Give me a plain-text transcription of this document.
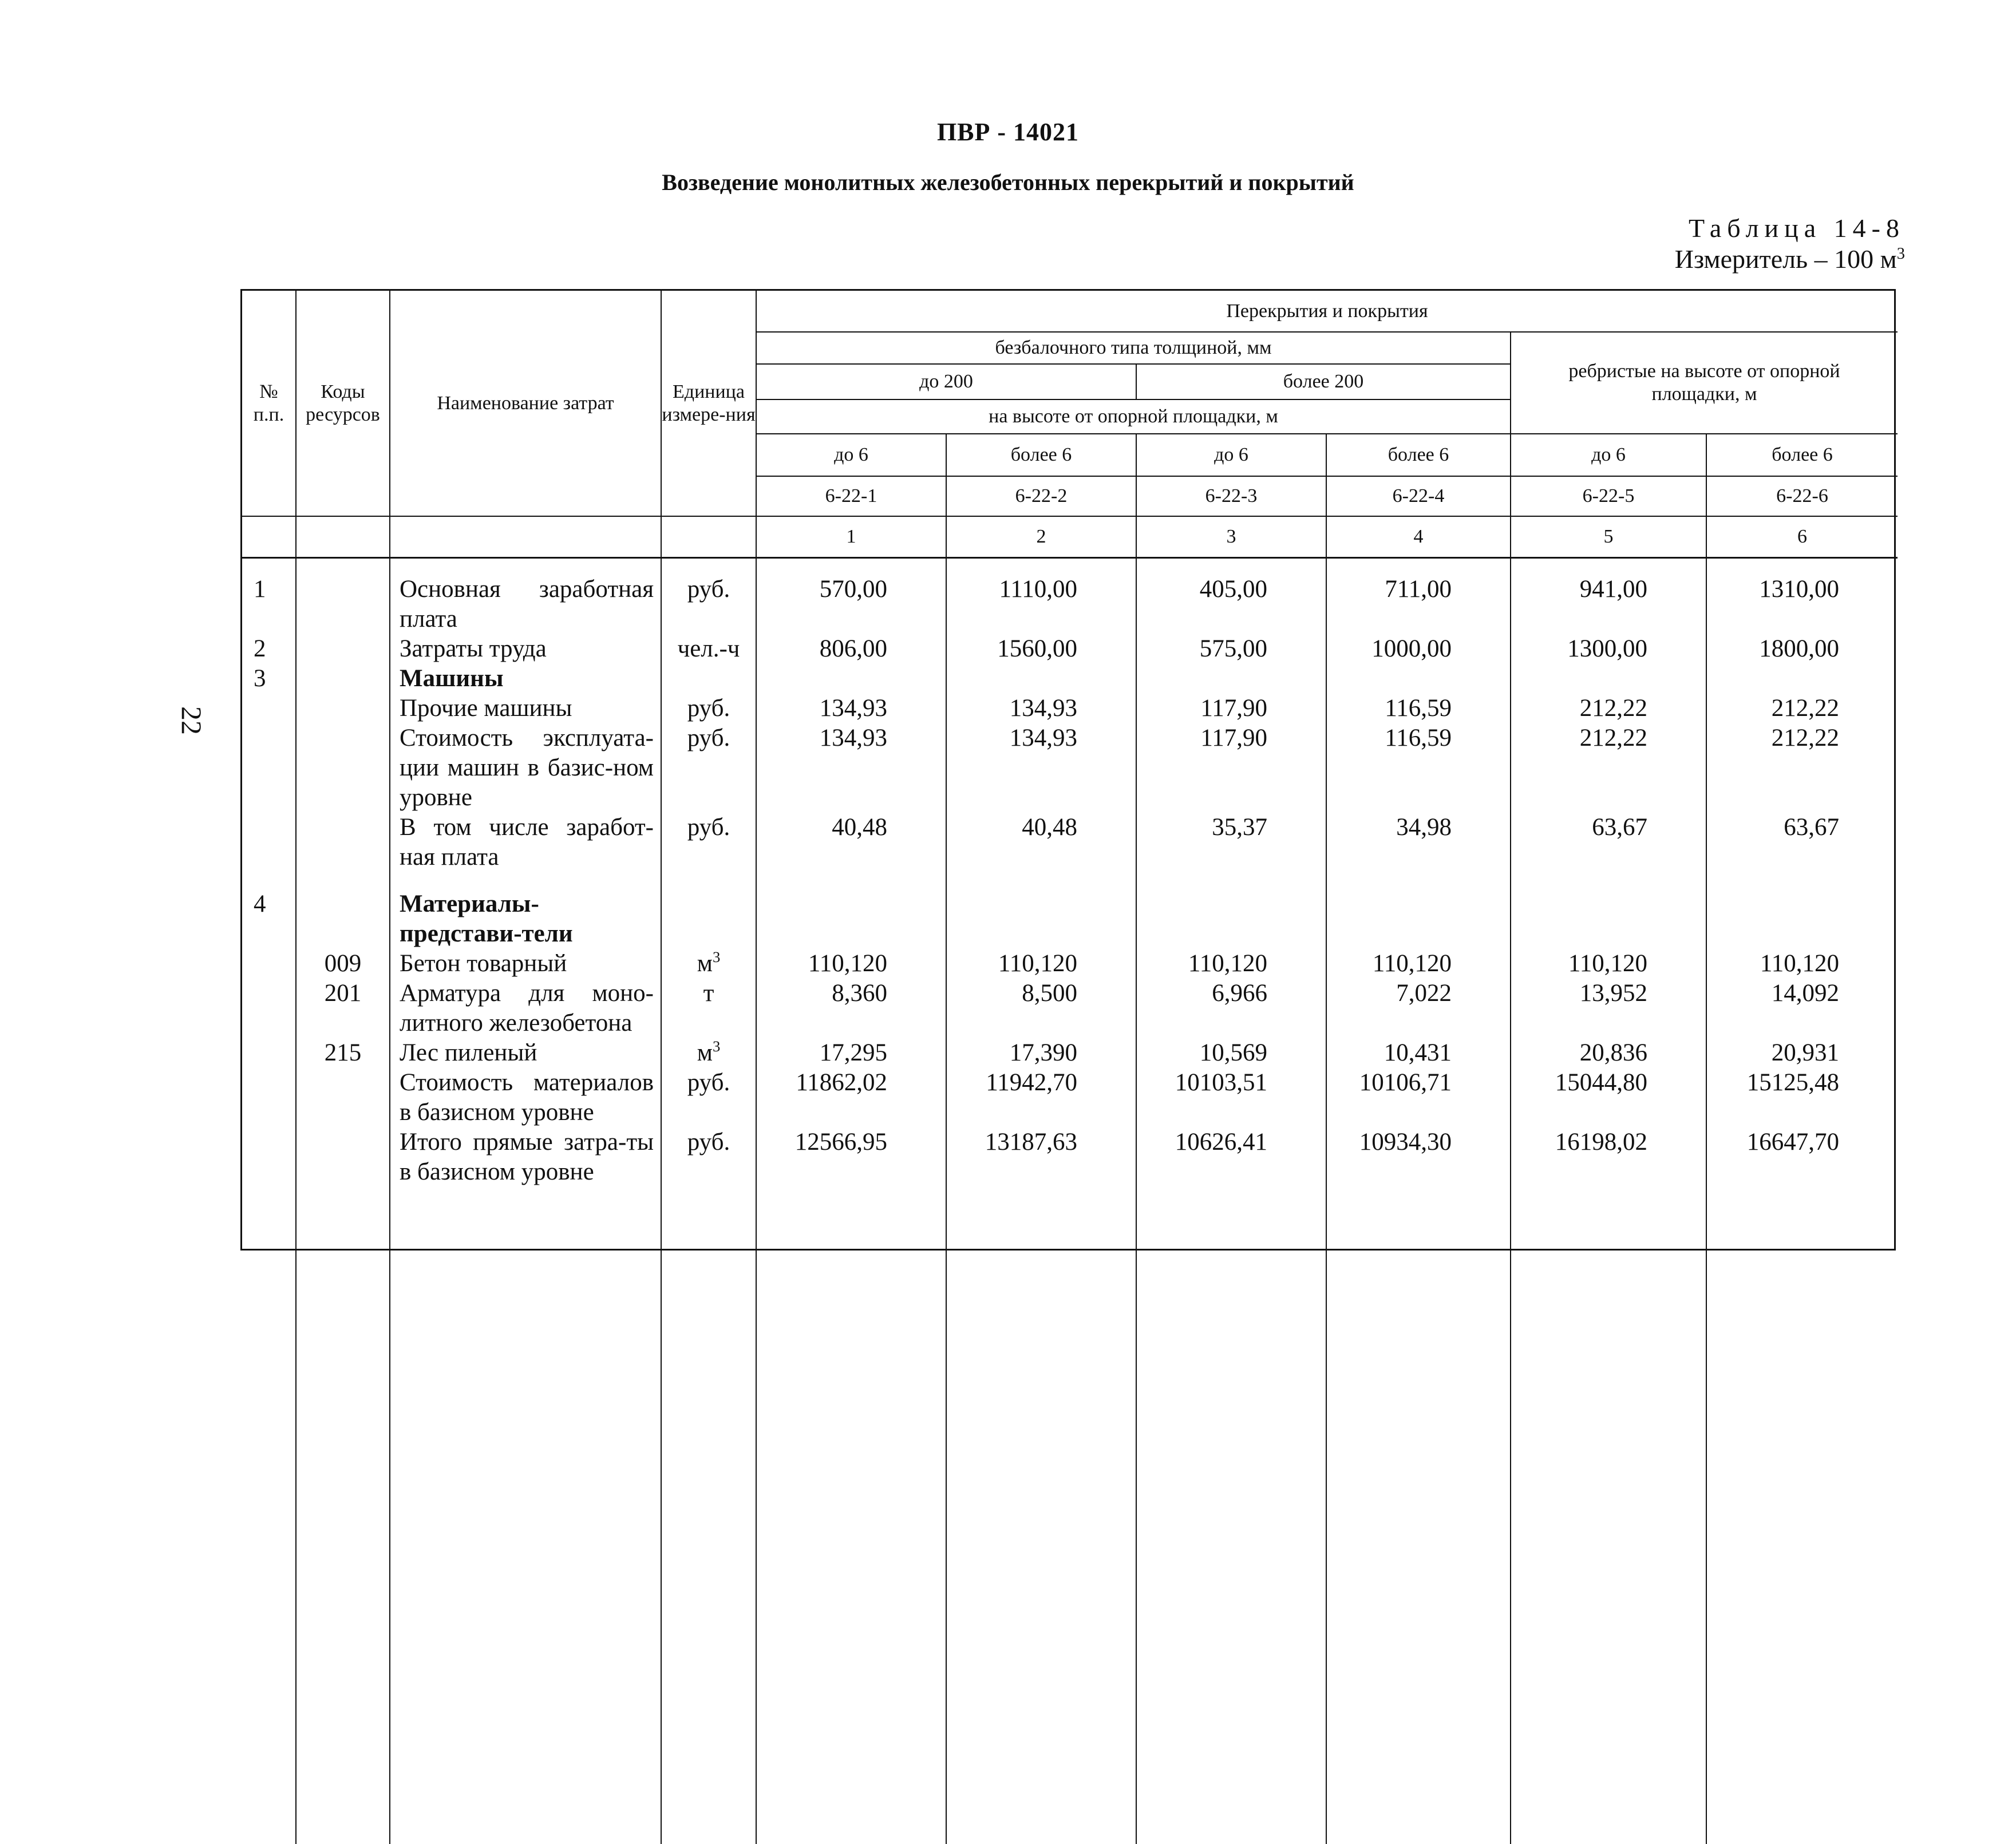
ПВР - 14021
Возведение монолитных железобетонных перекрытий и покрытий
Таблица 14-8
Измеритель – 100 $м^3$
22
№ п.п.	Коды ресурсов	Наименование затрат	Единица измере-ния	Перекрытия и покрытия					
				безбалочного типа толщиной, мм				ребристые на высоте от опорной площадки, м	
				до 200		более 200			
				на высоте от опорной площадки, м					
				до 6	более 6	до 6	более 6	до 6	более 6
				6-22-1	6-22-2	6-22-3	6-22-4	6-22-5	6-22-6
				1	2	3	4	5	6
1		Основная заработная плата	руб.	570,00	1110,00	405,00	711,00	941,00	1310,00
2		Затраты труда	чел.-ч	806,00	1560,00	575,00	1000,00	1300,00	1800,00
3		Машины							
		Прочие машины	руб.	134,93	134,93	117,90	116,59	212,22	212,22
		Стоимость эксплуата-ции машин в базис-ном уровне	руб.	134,93	134,93	117,90	116,59	212,22	212,22
		В том числе заработ-ная плата	руб.	40,48	40,48	35,37	34,98	63,67	63,67

4		Материалы-представи-тели							
	009	Бетон товарный	$м^3$	110,120	110,120	110,120	110,120	110,120	110,120
	201	Арматура для моно-литного железобетона	т	8,360	8,500	6,966	7,022	13,952	14,092
	215	Лес пиленый	$м^3$	17,295	17,390	10,569	10,431	20,836	20,931
		Стоимость материалов в базисном уровне	руб.	11862,02	11942,70	10103,51	10106,71	15044,80	15125,48
		Итого прямые затра-ты в базисном уровне	руб.	12566,95	13187,63	10626,41	10934,30	16198,02	16647,70
